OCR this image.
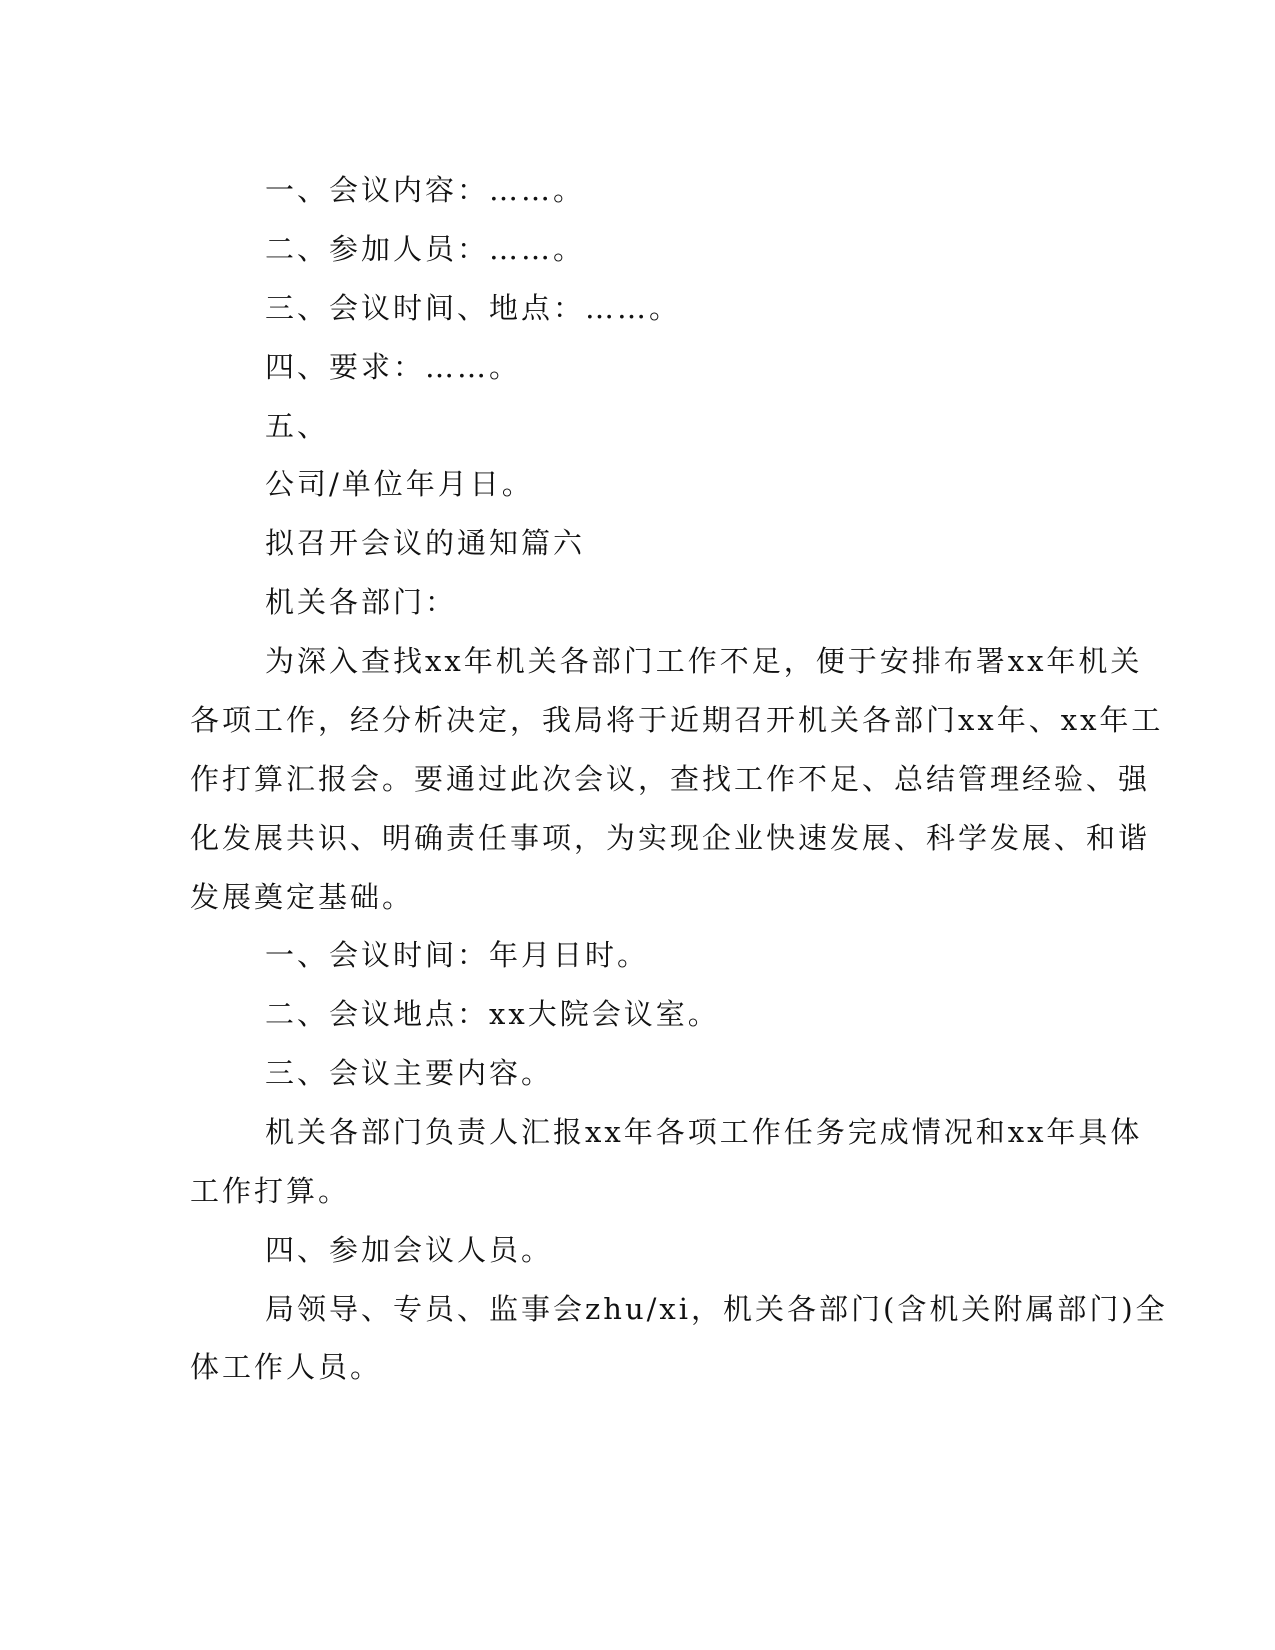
一、会议内容：……。
二、参加人员：……。
三、会议时间、地点：……。
四、要求：……。
五、
公司/单位年月日。
拟召开会议的通知篇六
机关各部门：
为深入查找xx年机关各部门工作不足，便于安排布署xx年机关
各项工作，经分析决定，我局将于近期召开机关各部门xx年、xx年工
作打算汇报会。要通过此次会议，查找工作不足、总结管理经验、强
化发展共识、明确责任事项，为实现企业快速发展、科学发展、和谐
发展奠定基础。
一、会议时间：年月日时。
二、会议地点：xx大院会议室。
三、会议主要内容。
机关各部门负责人汇报xx年各项工作任务完成情况和xx年具体
工作打算。
四、参加会议人员。
局领导、专员、监事会zhu/xi，机关各部门(含机关附属部门)全
体工作人员。
